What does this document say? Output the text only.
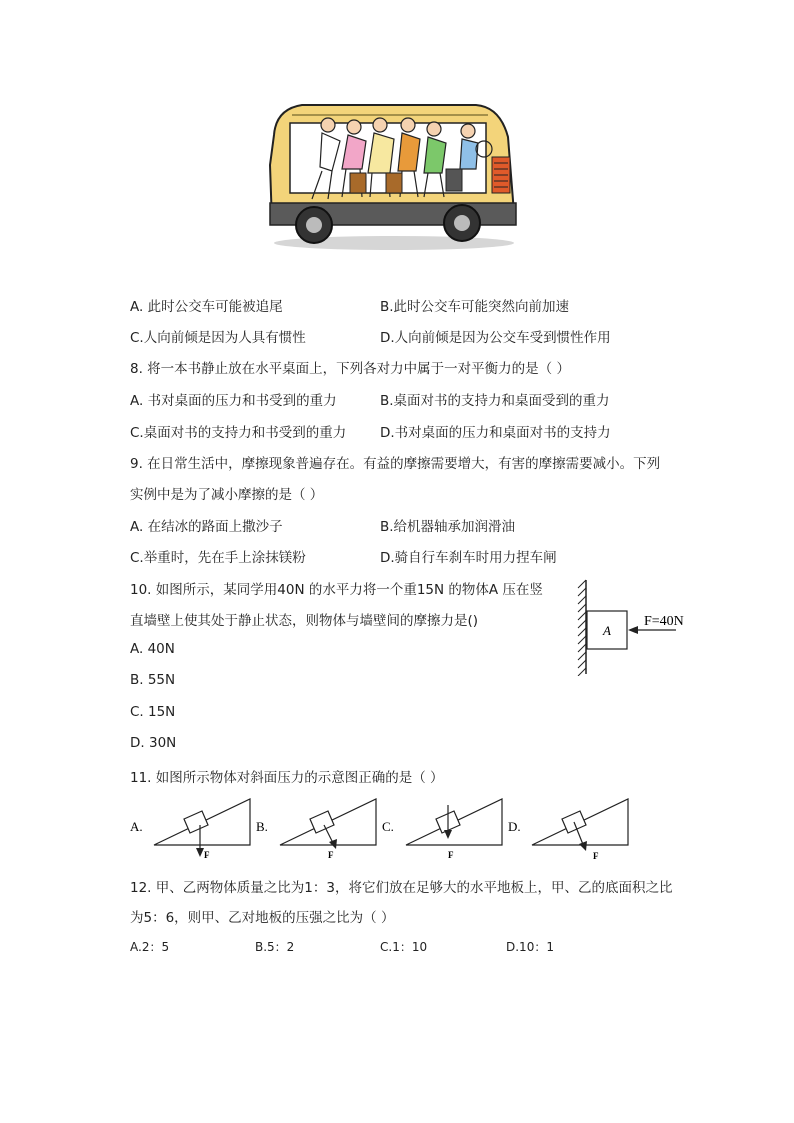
A. 此时公交车可能被追尾	B.此时公交车可能突然向前加速
C.人向前倾是因为人具有惯性	D.人向前倾是因为公交车受到惯性作用
8. 将一本书静止放在水平桌面上，下列各对力中属于一对平衡力的是（ ）
A. 书对桌面的压力和书受到的重力	B.桌面对书的支持力和桌面受到的重力
C.桌面对书的支持力和书受到的重力	D.书对桌面的压力和桌面对书的支持力
9. 在日常生活中，摩擦现象普遍存在。有益的摩擦需要增大，有害的摩擦需要减小。下列
实例中是为了减小摩擦的是（ ）
A. 在结冰的路面上撒沙子	B.给机器轴承加润滑油
C.举重时，先在手上涂抹镁粉	D.骑自行车刹车时用力捏车闸
10. 如图所示，某同学用40N 的水平力将一个重15N 的物体A 压在竖
直墙壁上使其处于静止状态，则物体与墙壁间的摩擦力是()
A. 40N
B. 55N
C. 15N
D. 30N
A
F=40N
11. 如图所示物体对斜面压力的示意图正确的是（ ）
A.
F
B.
F
C.
F
D.
F
12. 甲、乙两物体质量之比为1：3，将它们放在足够大的水平地板上，甲、乙的底面积之比
为5：6，则甲、乙对地板的压强之比为（ ）
A.2：5	B.5：2	C.1：10	D.10：1
